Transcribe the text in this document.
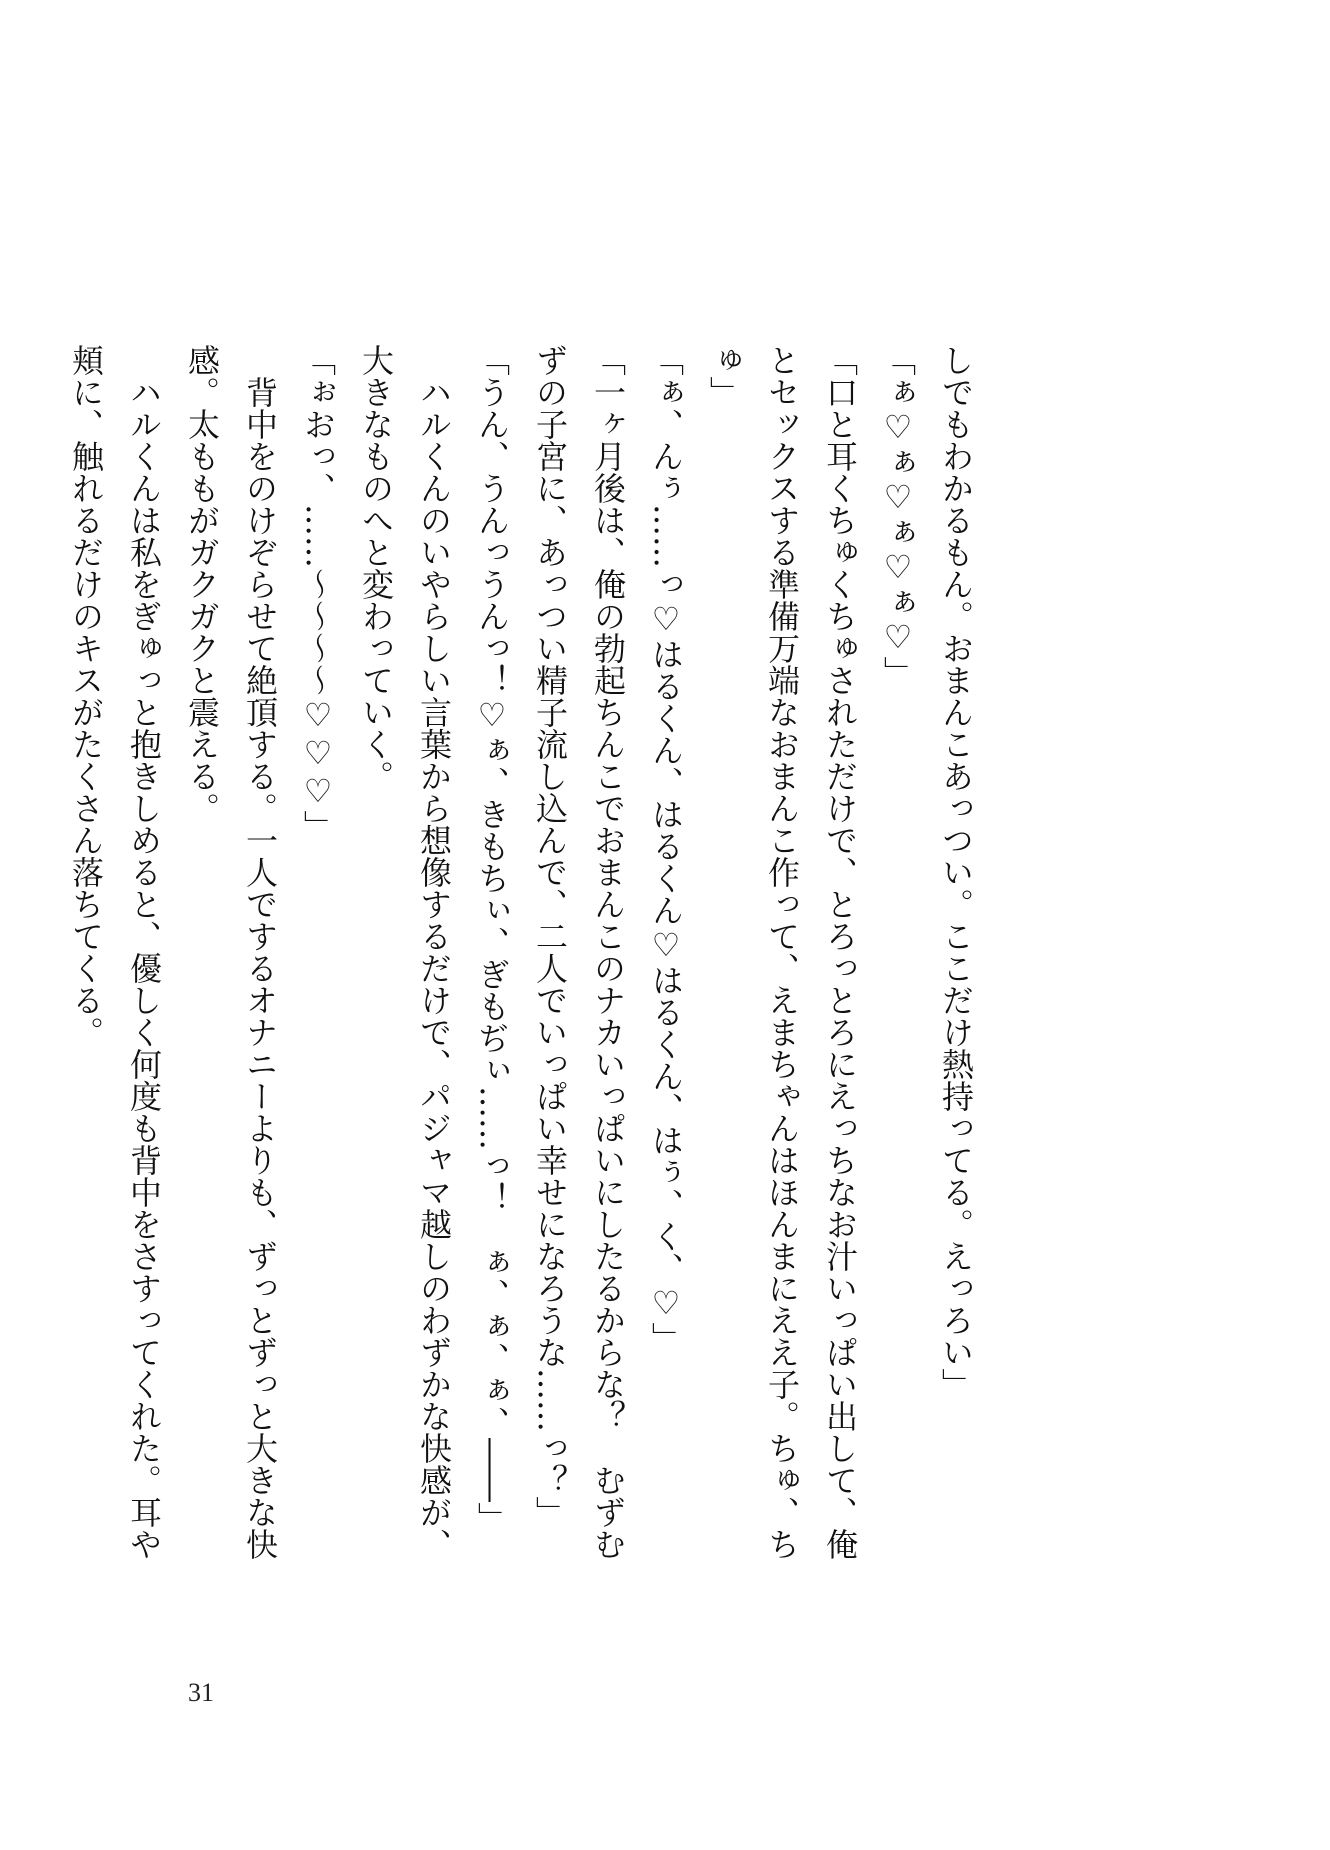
しでもわかるもん。おまんこあっつい。ここだけ熱持ってる。えっろい」

「ぁ♡ぁ♡ぁ♡ぁ♡」

「口と耳くちゅくちゅされただけで、とろっとろにえっちなお汁いっぱい出して、俺

とセックスする準備万端なおまんこ作って、えまちゃんはほんまにええ子。ちゅ、ち

ゅ」

「ぁ、んぅ……っ♡はるくん、はるくん♡はるくん、はぅ、く、♡」

「一ヶ月後は、俺の勃起ちんこでおまんこのナカいっぱいにしたるからな？　むずむ

ずの子宮に、あっつい精子流し込んで、二人でいっぱい幸せになろうな……っ？」

「うん、うんっうんっ！♡ぁ、きもちぃ、ぎもぢぃ……っ！　ぁ、ぁ、ぁ、――」

　ハルくんのいやらしい言葉から想像するだけで、パジャマ越しのわずかな快感が、

大きなものへと変わっていく。

「ぉおっ、……～～～～♡♡♡」

　背中をのけぞらせて絶頂する。一人でするオナニーよりも、ずっとずっと大きな快

感。太ももがガクガクと震える。

　ハルくんは私をぎゅっと抱きしめると、優しく何度も背中をさすってくれた。耳や

頬に、触れるだけのキスがたくさん落ちてくる。

31
